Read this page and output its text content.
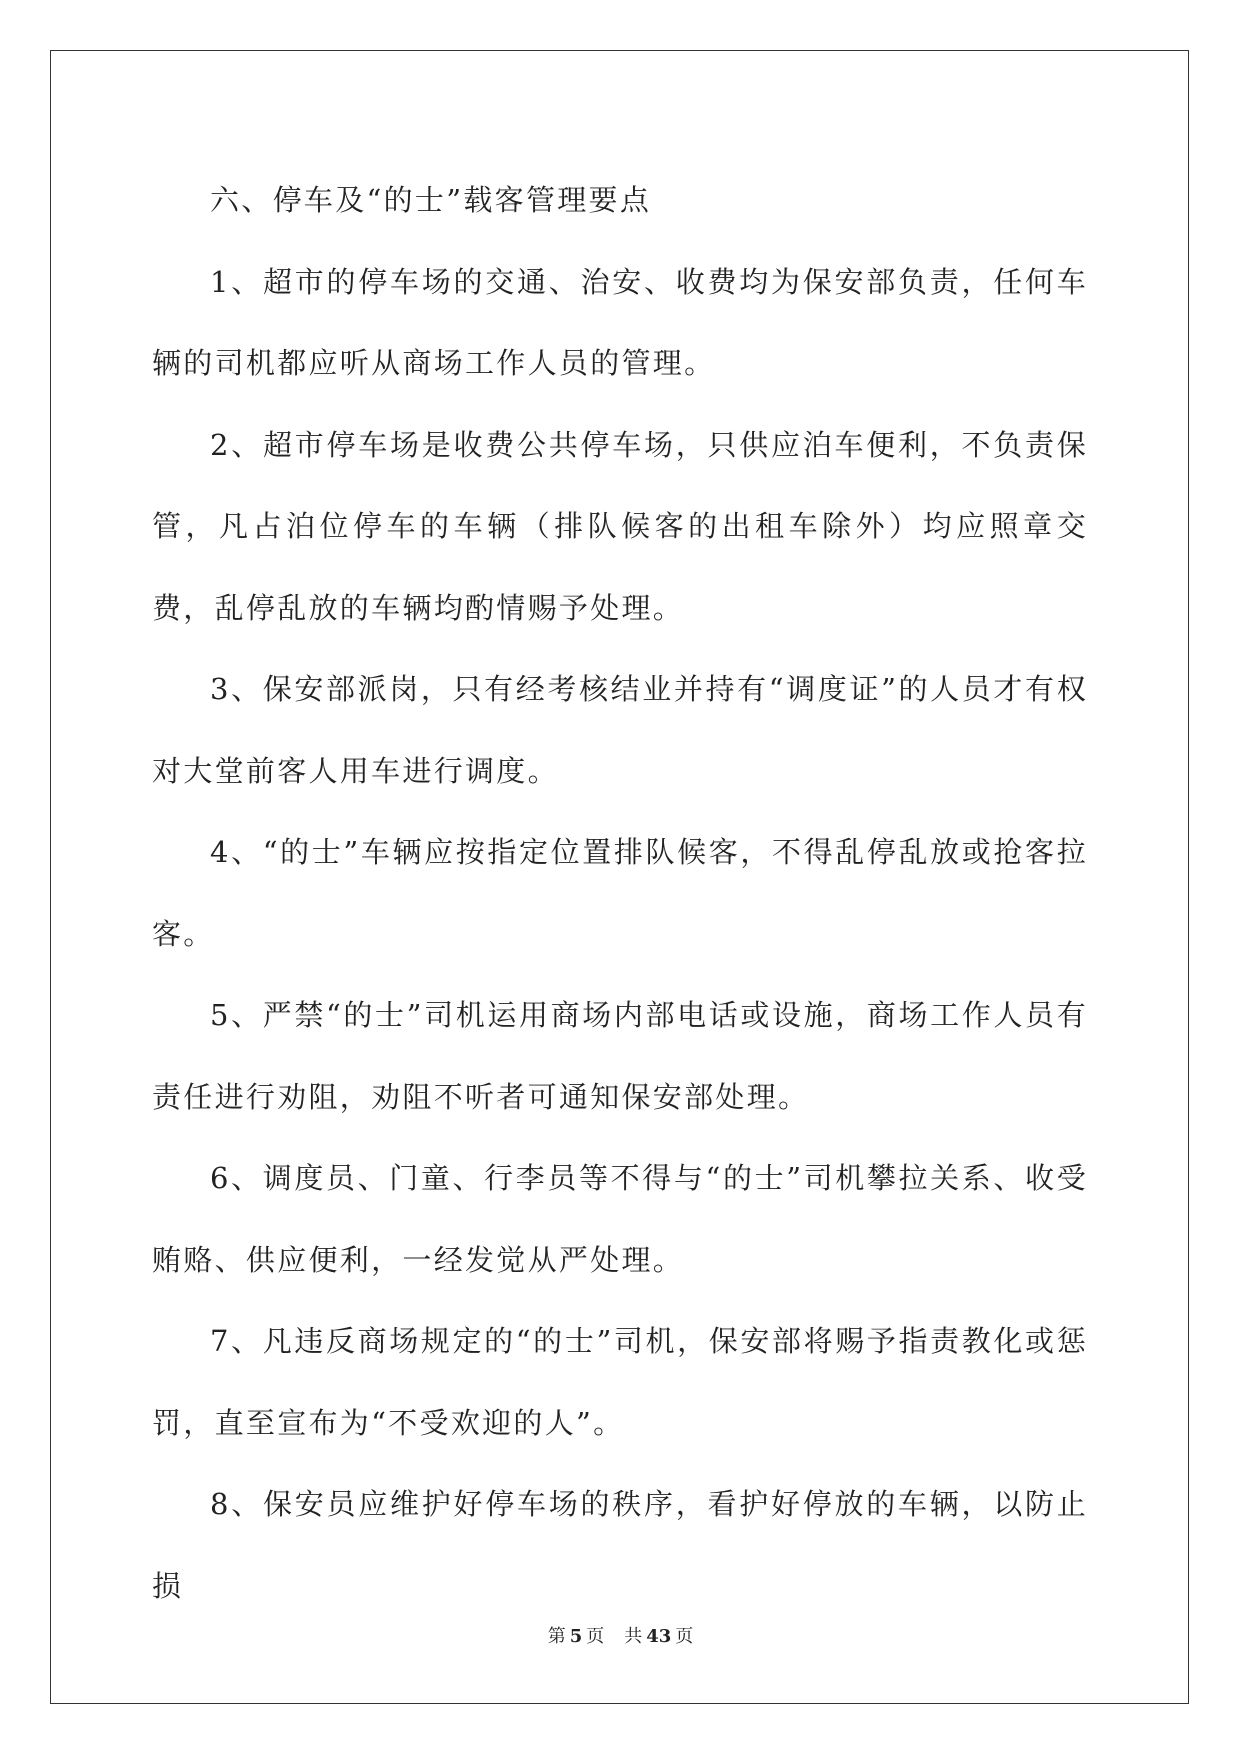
六、停车及“的士”载客管理要点

1、超市的停车场的交通、治安、收费均为保安部负责，任何车辆的司机都应听从商场工作人员的管理。

2、超市停车场是收费公共停车场，只供应泊车便利，不负责保管，凡占泊位停车的车辆（排队候客的出租车除外）均应照章交费，乱停乱放的车辆均酌情赐予处理。

3、保安部派岗，只有经考核结业并持有“调度证”的人员才有权对大堂前客人用车进行调度。

4、“的士”车辆应按指定位置排队候客，不得乱停乱放或抢客拉客。

5、严禁“的士”司机运用商场内部电话或设施，商场工作人员有责任进行劝阻，劝阻不听者可通知保安部处理。

6、调度员、门童、行李员等不得与“的士”司机攀拉关系、收受贿赂、供应便利，一经发觉从严处理。

7、凡违反商场规定的“的士”司机，保安部将赐予指责教化或惩罚，直至宣布为“不受欢迎的人”。

8、保安员应维护好停车场的秩序，看护好停放的车辆，以防止损

第 5 页 共 43 页
